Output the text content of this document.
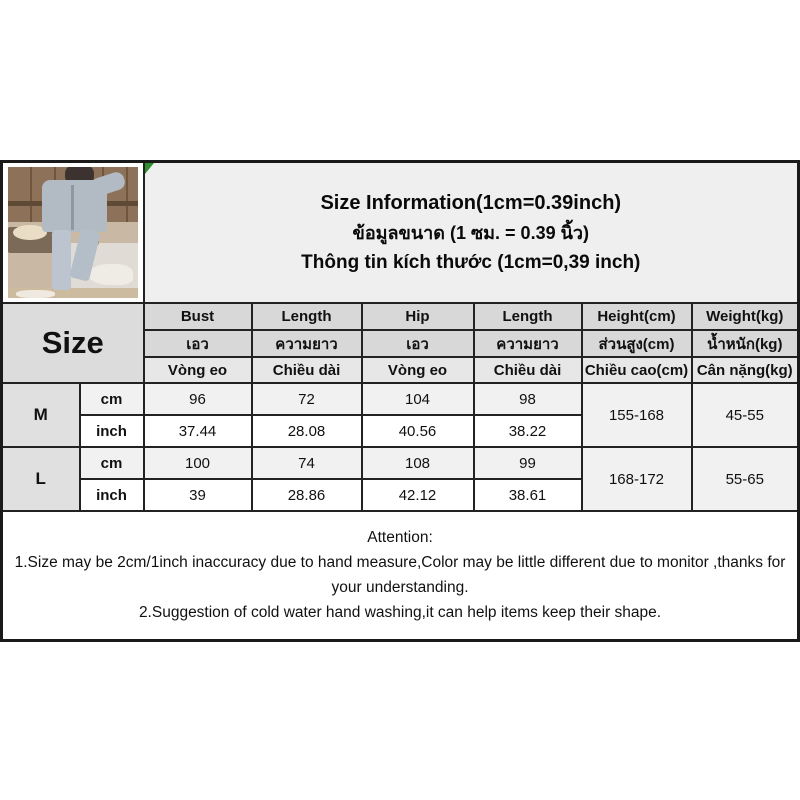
		Size Information(1cm=0.39inch)
ข้อมูลขนาด (1 ซม. = 0.39 นิ้ว)
Thông tin kích thước (1cm=0,39 inch)					

Size		Bust	Length	Hip	Length	Height(cm)	Weight(kg)
		เอว	ความยาว	เอว	ความยาว	ส่วนสูง(cm)	น้ำหนัก(kg)
		Vòng eo	Chiều dài	Vòng eo	Chiều dài	Chiều cao(cm)	Cân nặng(kg)
M	cm	96	72	104	98	155-168	45-55
	inch	37.44	28.08	40.56	38.22		
L	cm	100	74	108	99	168-172	55-65
	inch	39	28.86	42.12	38.61		

Attention:
1.Size may be 2cm/1inch inaccuracy due to hand measure,Color may be little different due to monitor ,thanks for your understanding.
2.Suggestion of cold water hand washing,it can help items keep their shape.							
